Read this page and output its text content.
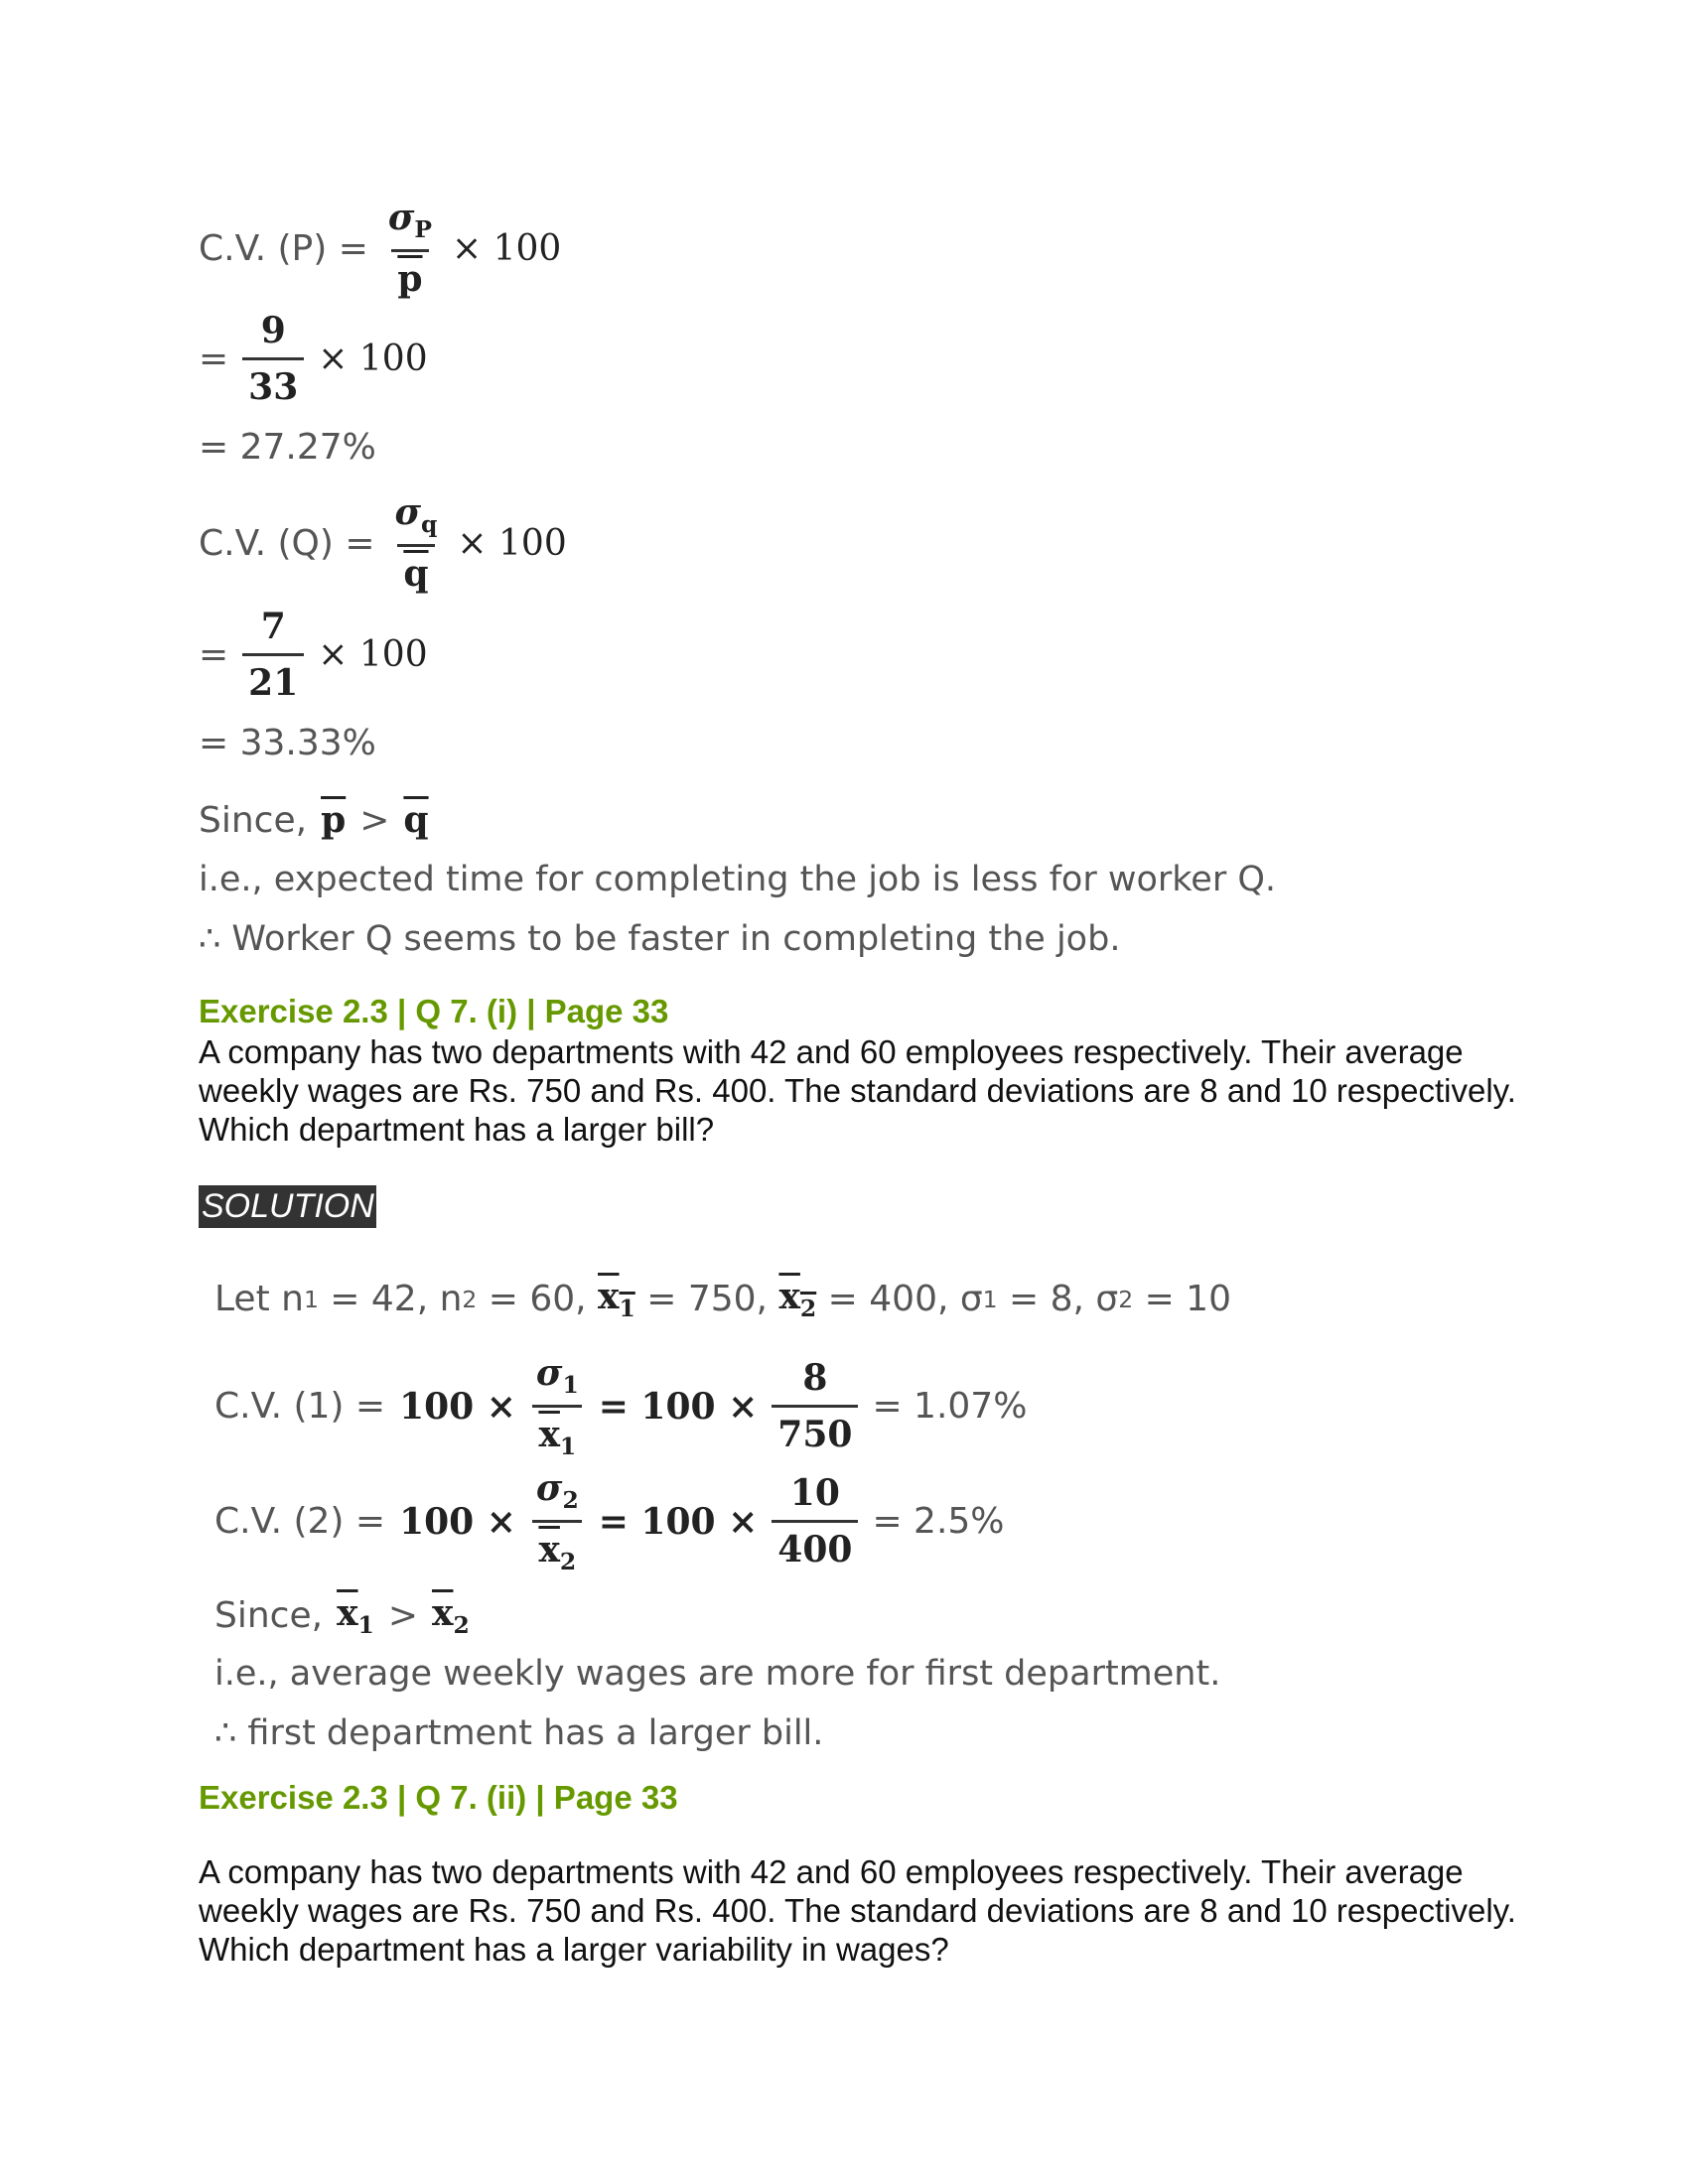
C.V. $(P) = \frac{\sigma_P}{p} \times 100$
= $\frac{9}{33} \times 100$
= 27.27%
C.V. $(Q) = \frac{\sigma_q}{q} \times 100$
= $\frac{7}{21} \times 100$
= 33.33%
Since, $\overline{p} > \overline{q}$
i.e., expected time for completing the job is less for worker Q.
∴ Worker Q seems to be faster in completing the job.
Exercise 2.3 | Q 7. (i) | Page 33
A company has two departments with 42 and 60 employees respectively. Their average weekly wages are Rs. 750 and Rs. 400. The standard deviations are 8 and 10 respectively. Which department has a larger bill?
SOLUTION
Let n 1 = 42, n 2 = 60, $x_1 = 750$, $x_2 = 400$, σ 1 = 8, σ 2 = 10
C.V. $(1) = 100 \times \frac{\sigma_1}{\overline{x}_1} = 100 \times \frac{8}{750} = 1.07\%$
C.V. $(2) = 100 \times \frac{\sigma_2}{\overline{x}_2} = 100 \times \frac{10}{400} = 2.5\%$
Since, $\overline{x}_1 > \overline{x}_2$
i.e., average weekly wages are more for first department.
∴ first department has a larger bill.
Exercise 2.3 | Q 7. (ii) | Page 33
A company has two departments with 42 and 60 employees respectively. Their average weekly wages are Rs. 750 and Rs. 400. The standard deviations are 8 and 10 respectively. Which department has a larger variability in wages?
